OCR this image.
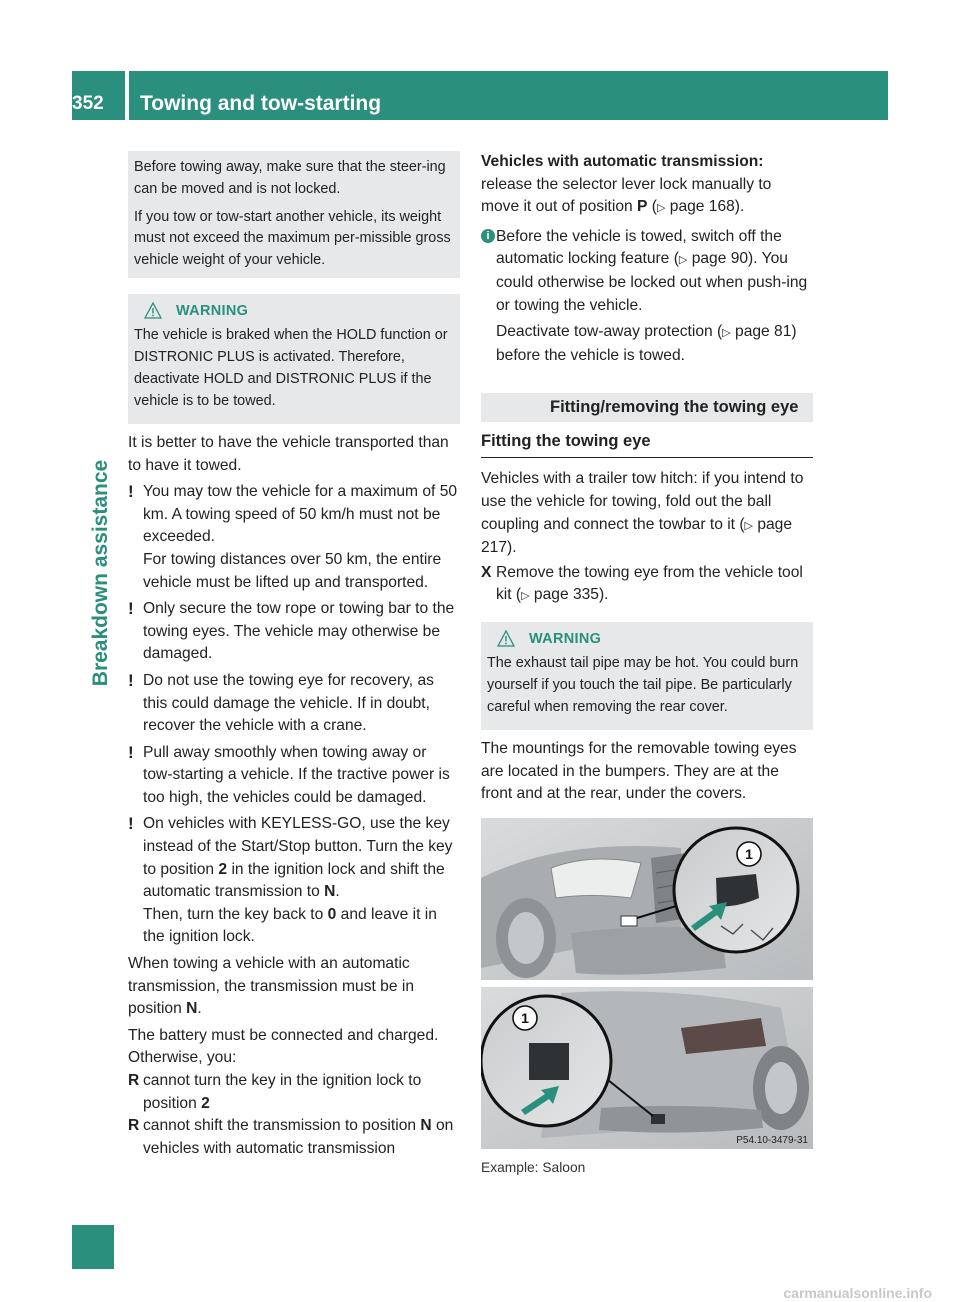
352	Towing and tow-starting
Breakdown assistance

Before towing away, make sure that the steer-ing can be moved and is not locked.

If you tow or tow-start another vehicle, its weight must not exceed the maximum per-missible gross vehicle weight of your vehicle.

WARNING

The vehicle is braked when the HOLD function or DISTRONIC PLUS is activated. Therefore, deactivate HOLD and DISTRONIC PLUS if the vehicle is to be towed.

It is better to have the vehicle transported than to have it towed.

! You may tow the vehicle for a maximum of 50 km. A towing speed of 50 km/h must not be exceeded.

For towing distances over 50 km, the entire vehicle must be lifted up and transported.

! Only secure the tow rope or towing bar to the towing eyes. The vehicle may otherwise be damaged.

! Do not use the towing eye for recovery, as this could damage the vehicle. If in doubt, recover the vehicle with a crane.

! Pull away smoothly when towing away or tow-starting a vehicle. If the tractive power is too high, the vehicles could be damaged.

! On vehicles with KEYLESS-GO, use the key instead of the Start/Stop button. Turn the key to position 2 in the ignition lock and shift the automatic transmission to N.

Then, turn the key back to 0 and leave it in the ignition lock.

When towing a vehicle with an automatic transmission, the transmission must be in position N.

The battery must be connected and charged. Otherwise, you:

R cannot turn the key in the ignition lock to position 2
R cannot shift the transmission to position N on vehicles with automatic transmission

Vehicles with automatic transmission: release the selector lever lock manually to move it out of position P (▷ page 168).

i Before the vehicle is towed, switch off the automatic locking feature (▷ page 90). You could otherwise be locked out when push-ing or towing the vehicle.

Deactivate tow-away protection (▷ page 81) before the vehicle is towed.

Fitting/removing the towing eye
Fitting the towing eye

Vehicles with a trailer tow hitch: if you intend to use the vehicle for towing, fold out the ball coupling and connect the towbar to it (▷ page 217).

X Remove the towing eye from the vehicle tool kit (▷ page 335).
WARNING

The exhaust tail pipe may be hot. You could burn yourself if you touch the tail pipe. Be particularly careful when removing the rear cover.

The mountings for the removable towing eyes are located in the bumpers. They are at the front and at the rear, under the covers.

1
1
P54.10-3479-31
Example: Saloon
carmanualsonline.info
